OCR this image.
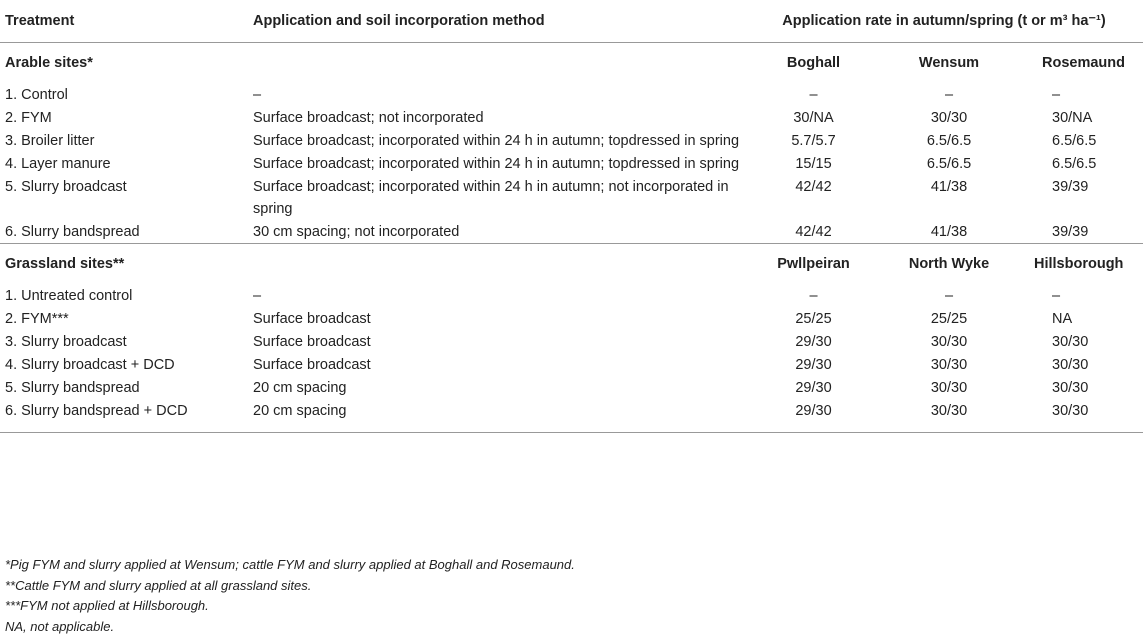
Treatment	Application and soil incorporation method	Application rate in autumn/spring (t or m³ ha⁻¹)		
Arable sites*		Boghall	Wensum	Rosemaund
1. Control	–	–	–	–
2. FYM	Surface broadcast; not incorporated	30/NA	30/30	30/NA
3. Broiler litter	Surface broadcast; incorporated within 24 h in autumn; topdressed in spring	5.7/5.7	6.5/6.5	6.5/6.5
4. Layer manure	Surface broadcast; incorporated within 24 h in autumn; topdressed in spring	15/15	6.5/6.5	6.5/6.5
5. Slurry broadcast	Surface broadcast; incorporated within 24 h in autumn; not incorporated in spring	42/42	41/38	39/39
6. Slurry bandspread	30 cm spacing; not incorporated	42/42	41/38	39/39
Grassland sites**		Pwllpeiran	North Wyke	Hillsborough
1. Untreated control	–	–	–	–
2. FYM***	Surface broadcast	25/25	25/25	NA
3. Slurry broadcast	Surface broadcast	29/30	30/30	30/30
4. Slurry broadcast + DCD	Surface broadcast	29/30	30/30	30/30
5. Slurry bandspread	20 cm spacing	29/30	30/30	30/30
6. Slurry bandspread + DCD	20 cm spacing	29/30	30/30	30/30
*Pig FYM and slurry applied at Wensum; cattle FYM and slurry applied at Boghall and Rosemaund.
**Cattle FYM and slurry applied at all grassland sites.
***FYM not applied at Hillsborough.
NA, not applicable.
